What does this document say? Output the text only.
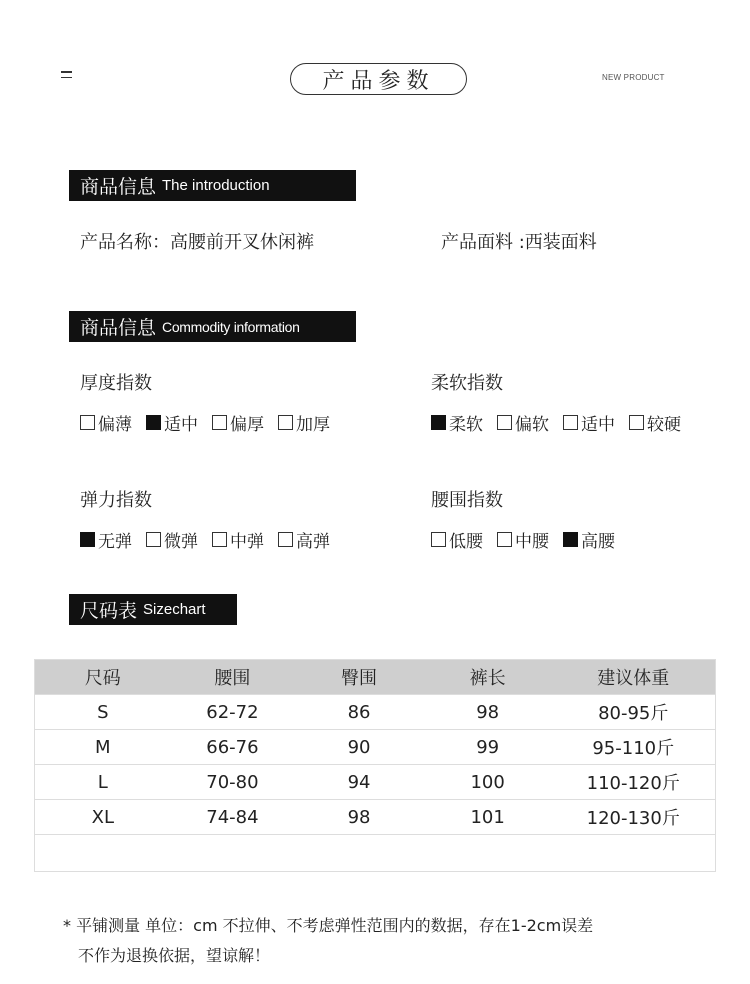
产品参数	NEW PRODUCT
商品信息 The introduction
产品名称：高腰前开叉休闲裤	产品面料 :西装面料
商品信息 Commodity information
厚度指数
偏薄 适中 偏厚 加厚
柔软指数
柔软 偏软 适中 较硬
弹力指数
无弹 微弹 中弹 高弹
腰围指数
低腰 中腰 高腰
尺码表 Sizechart
尺码	腰围	臀围	裤长	建议体重
S	62-72	86	98	80-95斤
M	66-76	90	99	95-110斤
L	70-80	94	100	110-120斤
XL	74-84	98	101	120-130斤
* 平铺测量 单位：cm 不拉伸、不考虑弹性范围内的数据，存在1-2cm误差
不作为退换依据，望谅解！
